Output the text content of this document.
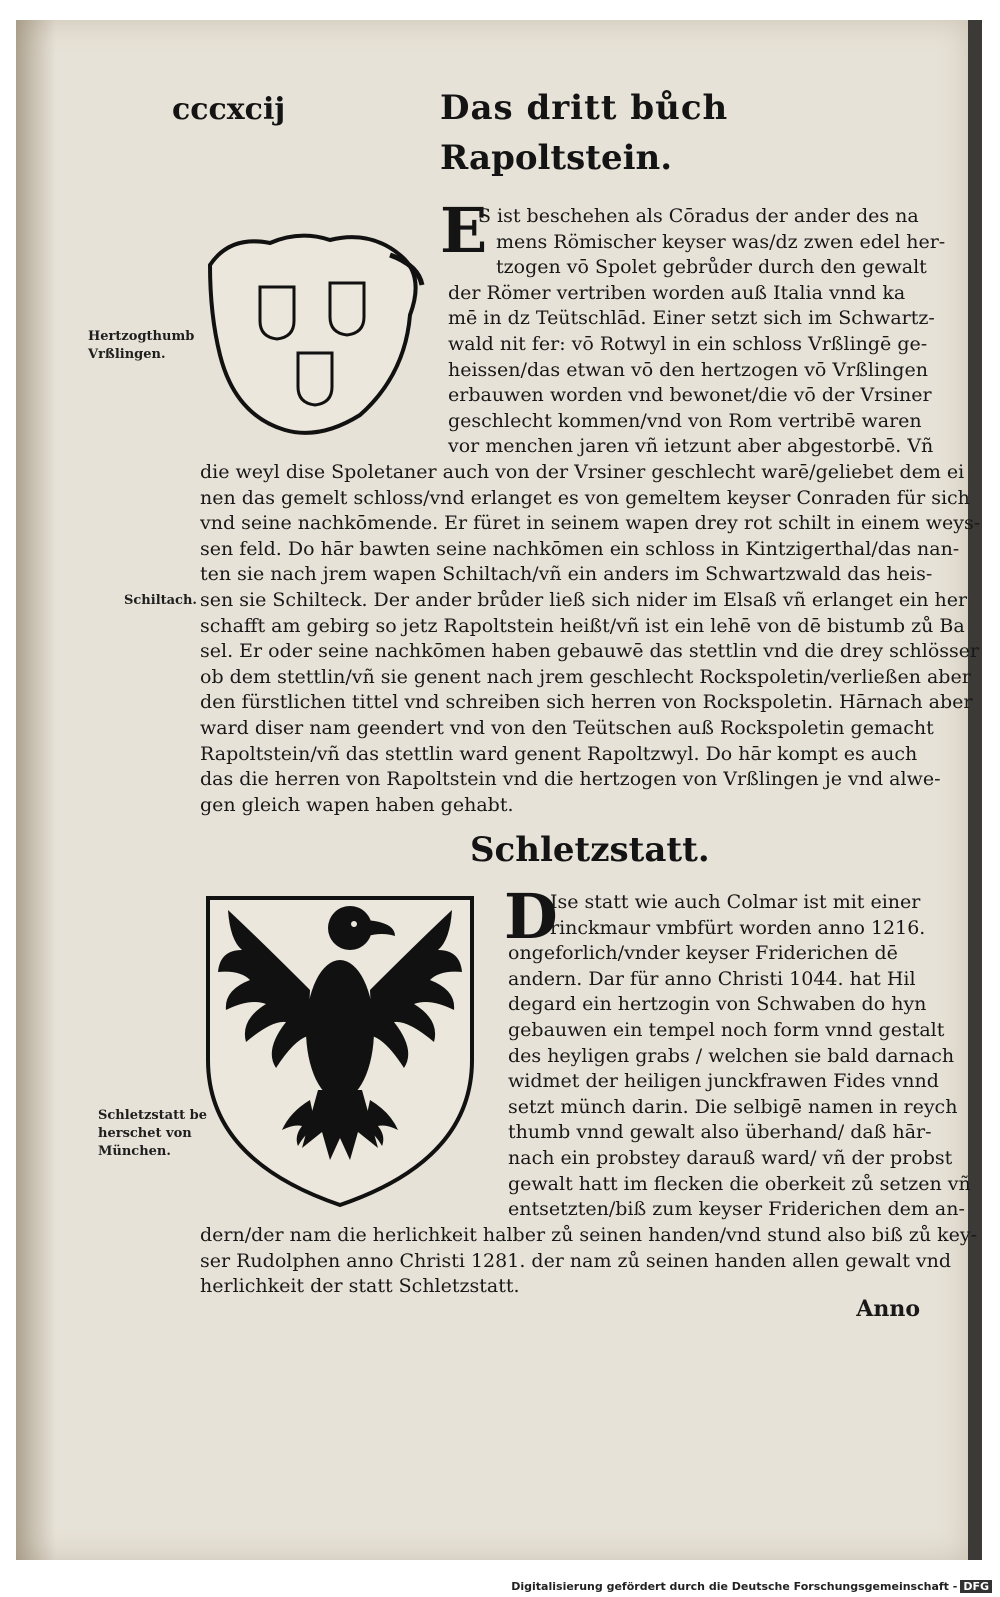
cccxcij	Das dritt bůch
Rapoltstein.
Hertzogthumb
Vrßlingen.
E
S ist beschehen als Cōradus der ander des na
mens Römischer keyser was/dz zwen edel her-
tzogen vō Spolet gebrůder durch den gewalt
der Römer vertriben worden auß Italia vnnd ka
mē in dz Teütschlād. Einer setzt sich im Schwartz-
wald nit fer: vō Rotwyl in ein schloss Vrßlingē ge-
heissen/das etwan vō den hertzogen vō Vrßlingen
erbauwen worden vnd bewonet/die vō der Vrsiner
geschlecht kommen/vnd von Rom vertribē waren
vor menchen jaren vñ ietzunt aber abgestorbē. Vñ
die weyl dise Spoletaner auch von der Vrsiner geschlecht warē/geliebet dem ei
nen das gemelt schloss/vnd erlanget es von gemeltem keyser Conraden für sich
vnd seine nachkōmende. Er füret in seinem wapen drey rot schilt in einem weys-
sen feld. Do hār bawten seine nachkōmen ein schloss in Kintzigerthal/das nan-
ten sie nach jrem wapen Schiltach/vñ ein anders im Schwartzwald das heis-
sen sie Schilteck. Der ander brůder ließ sich nider im Elsaß vñ erlanget ein her
schafft am gebirg so jetz Rapoltstein heißt/vñ ist ein lehē von dē bistumb zů Ba
sel. Er oder seine nachkōmen haben gebauwē das stettlin vnd die drey schlösser
ob dem stettlin/vñ sie genent nach jrem geschlecht Rockspoletin/verließen aber
den fürstlichen tittel vnd schreiben sich herren von Rockspoletin. Hārnach aber
ward diser nam geendert vnd von den Teütschen auß Rockspoletin gemacht
Rapoltstein/vñ das stettlin ward genent Rapoltzwyl. Do hār kompt es auch
das die herren von Rapoltstein vnd die hertzogen von Vrßlingen je vnd alwe-
gen gleich wapen haben gehabt.
Schiltach.
Schletzstatt.
Schletzstatt be
herschet von
München.
D
Ise statt wie auch Colmar ist mit einer
rinckmaur vmbfürt worden anno 1216.
ongeforlich/vnder keyser Friderichen dē
andern. Dar für anno Christi 1044. hat Hil
degard ein hertzogin von Schwaben do hyn
gebauwen ein tempel noch form vnnd gestalt
des heyligen grabs / welchen sie bald darnach
widmet der heiligen junckfrawen Fides vnnd
setzt münch darin. Die selbigē namen in reych
thumb vnnd gewalt also überhand/ daß hār-
nach ein probstey darauß ward/ vñ der probst
gewalt hatt im flecken die oberkeit zů setzen vñ
entsetzten/biß zum keyser Friderichen dem an-
dern/der nam die herlichkeit halber zů seinen handen/vnd stund also biß zů key-
ser Rudolphen anno Christi 1281. der nam zů seinen handen allen gewalt vnd
herlichkeit der statt Schletzstatt.
Anno
Digitalisierung gefördert durch die Deutsche Forschungsgemeinschaft - DFG
